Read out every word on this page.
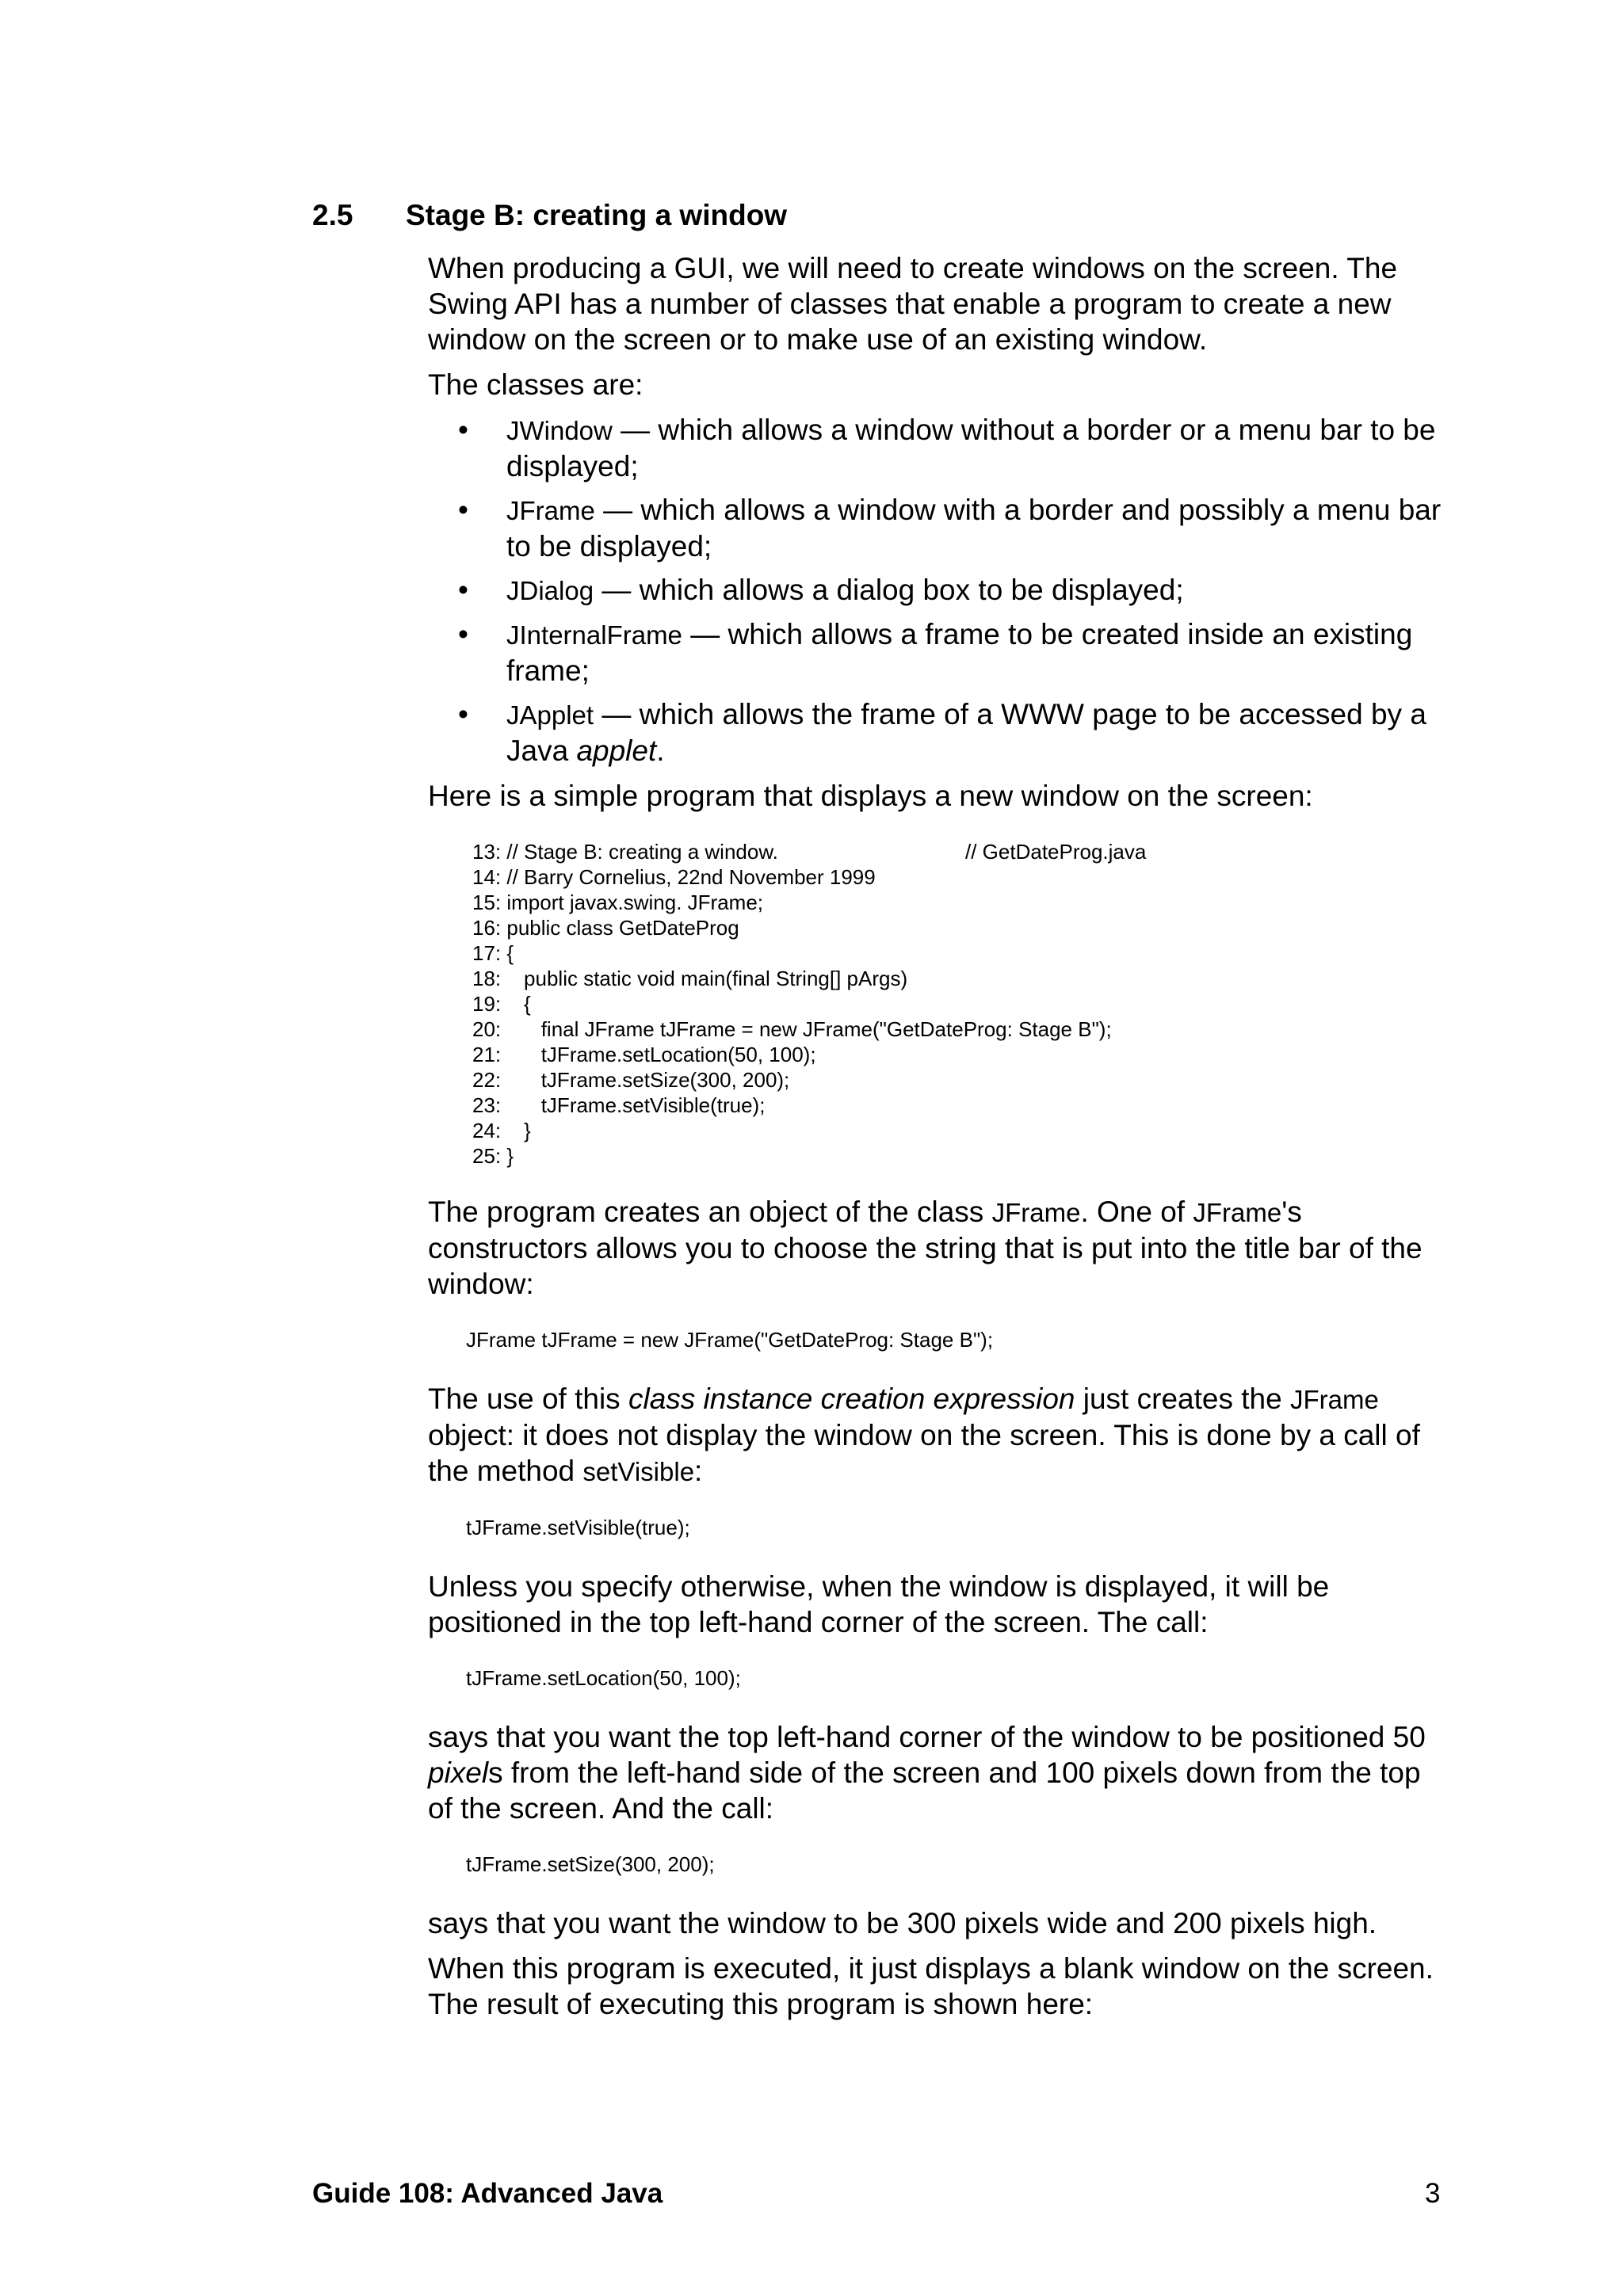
2.5 Stage B: creating a window

When producing a GUI, we will need to create windows on the screen. The Swing API has a number of classes that enable a program to create a new window on the screen or to make use of an existing window.

The classes are:

• JWindow — which allows a window without a border or a menu bar to be displayed;
• JFrame — which allows a window with a border and possibly a menu bar to be displayed;
• JDialog — which allows a dialog box to be displayed;
• JInternalFrame — which allows a frame to be created inside an existing frame;
• JApplet — which allows the frame of a WWW page to be accessed by a Java applet.

Here is a simple program that displays a new window on the screen:

13: // Stage B: creating a window.	// GetDateProg.java
14: // Barry Cornelius, 22nd November 1999
15: import javax.swing. JFrame;
16: public class GetDateProg
17: {
18:    public static void main(final String[] pArgs)
19:    {
20:       final JFrame tJFrame = new JFrame("GetDateProg: Stage B");
21:       tJFrame.setLocation(50, 100);
22:       tJFrame.setSize(300, 200);
23:       tJFrame.setVisible(true);
24:    }
25: }

The program creates an object of the class JFrame. One of JFrame's constructors allows you to choose the string that is put into the title bar of the window:

JFrame tJFrame = new JFrame("GetDateProg: Stage B");

The use of this class instance creation expression just creates the JFrame object: it does not display the window on the screen. This is done by a call of the method setVisible:

tJFrame.setVisible(true);

Unless you specify otherwise, when the window is displayed, it will be positioned in the top left-hand corner of the screen. The call:

tJFrame.setLocation(50, 100);

says that you want the top left-hand corner of the window to be positioned 50 pixels from the left-hand side of the screen and 100 pixels down from the top of the screen. And the call:

tJFrame.setSize(300, 200);

says that you want the window to be 300 pixels wide and 200 pixels high.

When this program is executed, it just displays a blank window on the screen. The result of executing this program is shown here:

Guide 108: Advanced Java	3
